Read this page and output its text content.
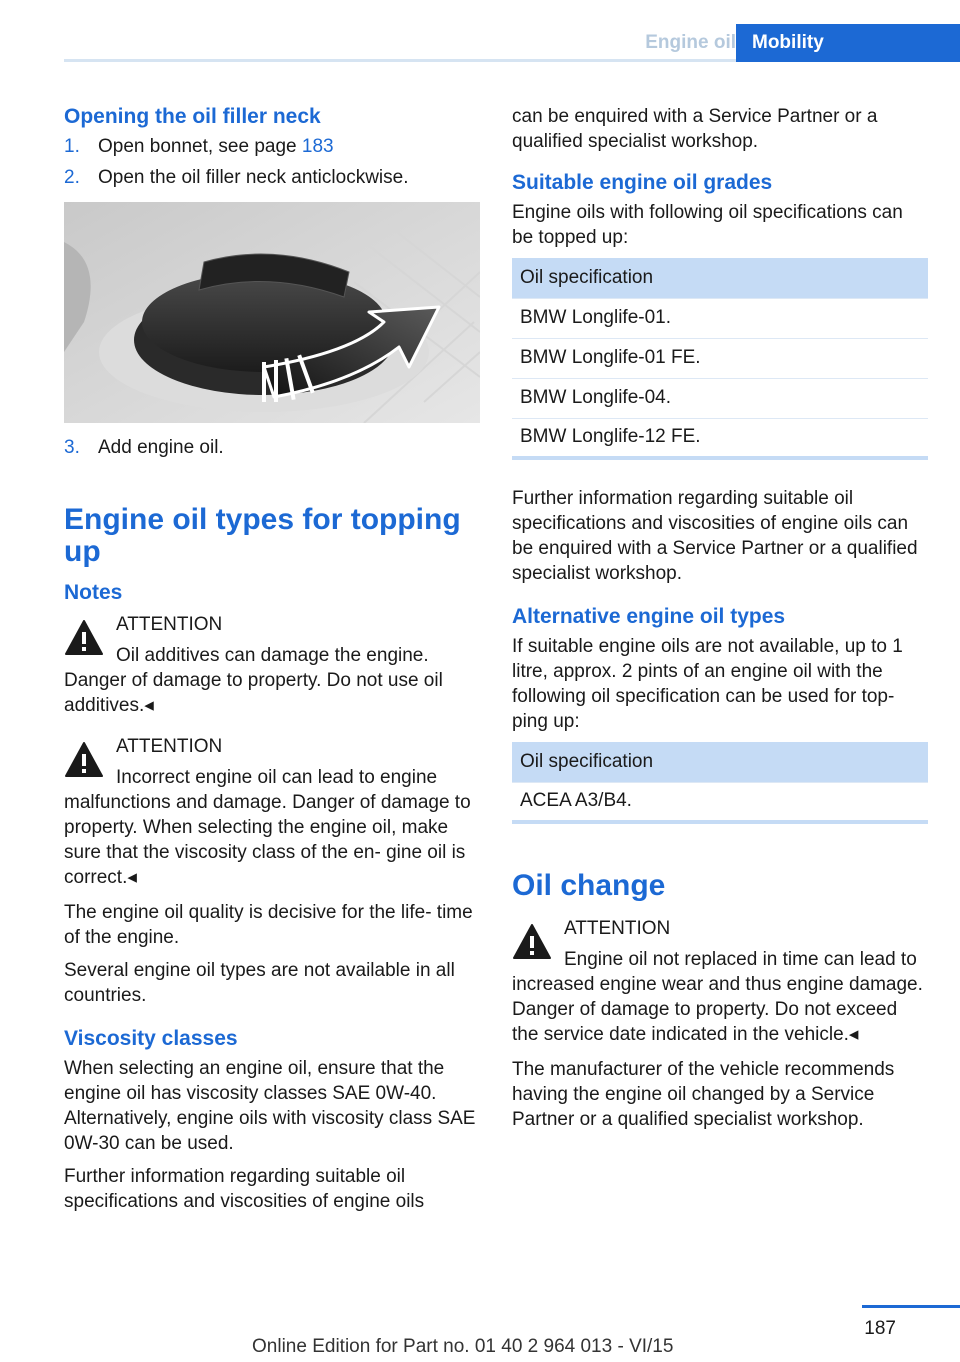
Engine oil Mobility
Opening the oil filler neck
1. Open bonnet, see page 183
2. Open the oil filler neck anticlockwise.
3. Add engine oil.
Engine oil types for topping up
Notes
ATTENTION
Oil additives can damage the engine. Danger of damage to property. Do not use oil additives.◂
ATTENTION
Incorrect engine oil can lead to engine malfunctions and damage. Danger of damage to property. When selecting the engine oil, make sure that the viscosity class of the en‐ gine oil is correct.◂

The engine oil quality is decisive for the life‐ time of the engine.

Several engine oil types are not available in all countries.

Viscosity classes

When selecting an engine oil, ensure that the engine oil has viscosity classes SAE 0W-40. Alternatively, engine oils with viscosity class SAE 0W-30 can be used.

Further information regarding suitable oil specifications and viscosities of engine oils

can be enquired with a Service Partner or a qualified specialist workshop.

Suitable engine oil grades

Engine oils with following oil specifications can be topped up:

Oil specification
BMW Longlife-01.
BMW Longlife-01 FE.
BMW Longlife-04.
BMW Longlife-12 FE.

Further information regarding suitable oil specifications and viscosities of engine oils can be enquired with a Service Partner or a qualified specialist workshop.

Alternative engine oil types

If suitable engine oils are not available, up to 1 litre, approx. 2 pints of an engine oil with the following oil specification can be used for top‐ ping up:

Oil specification
ACEA A3/B4.
Oil change
ATTENTION
Engine oil not replaced in time can lead to increased engine wear and thus engine damage. Danger of damage to property. Do not exceed the service date indicated in the vehicle.◂

The manufacturer of the vehicle recommends having the engine oil changed by a Service Partner or a qualified specialist workshop.

187
Online Edition for Part no. 01 40 2 964 013 - VI/15
